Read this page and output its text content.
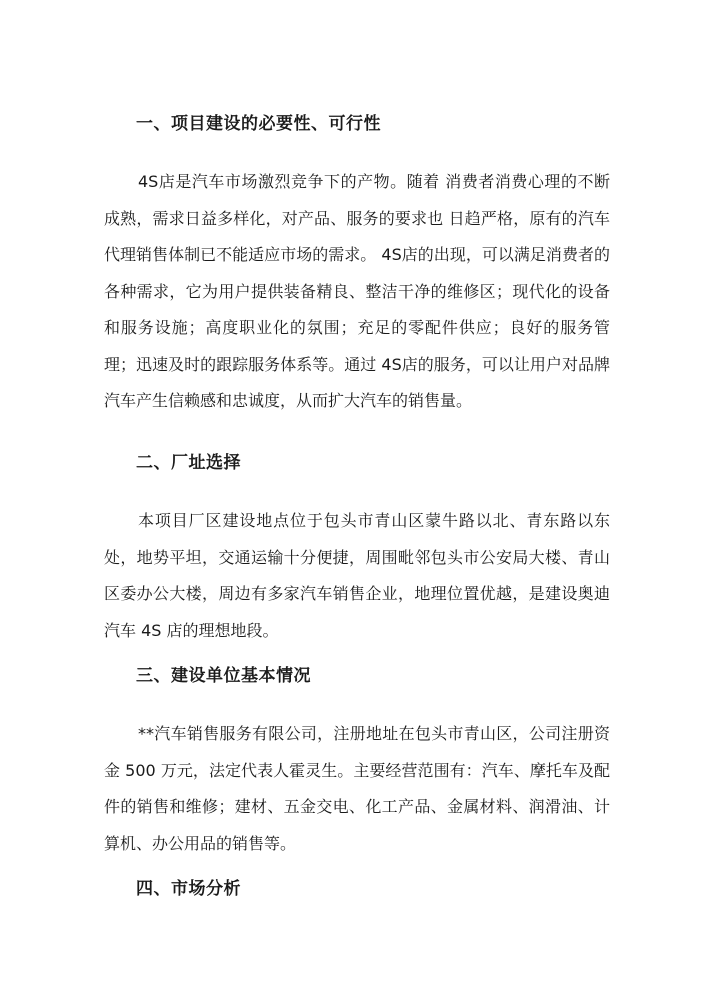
一、项目建设的必要性、可行性

4S店是汽车市场激烈竞争下的产物。随着 消费者消费心理的不断成熟，需求日益多样化，对产品、服务的要求也 日趋严格，原有的汽车代理销售体制已不能适应市场的需求。 4S店的出现，可以满足消费者的各种需求，它为用户提供装备精良、整洁干净的维修区；现代化的设备和服务设施；高度职业化的氛围；充足的零配件供应；良好的服务管理；迅速及时的跟踪服务体系等。通过 4S店的服务，可以让用户对品牌 汽车产生信赖感和忠诚度，从而扩大汽车的销售量。

二、厂址选择

本项目厂区建设地点位于包头市青山区蒙牛路以北、青东路以东处，地势平坦，交通运输十分便捷，周围毗邻包头市公安局大楼、青山区委办公大楼，周边有多家汽车销售企业，地理位置优越，是建设奥迪汽车 4S 店的理想地段。

三、建设单位基本情况

**汽车销售服务有限公司，注册地址在包头市青山区，公司注册资金 500 万元，法定代表人霍灵生。主要经营范围有：汽车、摩托车及配件的销售和维修；建材、五金交电、化工产品、金属材料、润滑油、计算机、办公用品的销售等。

四、市场分析
